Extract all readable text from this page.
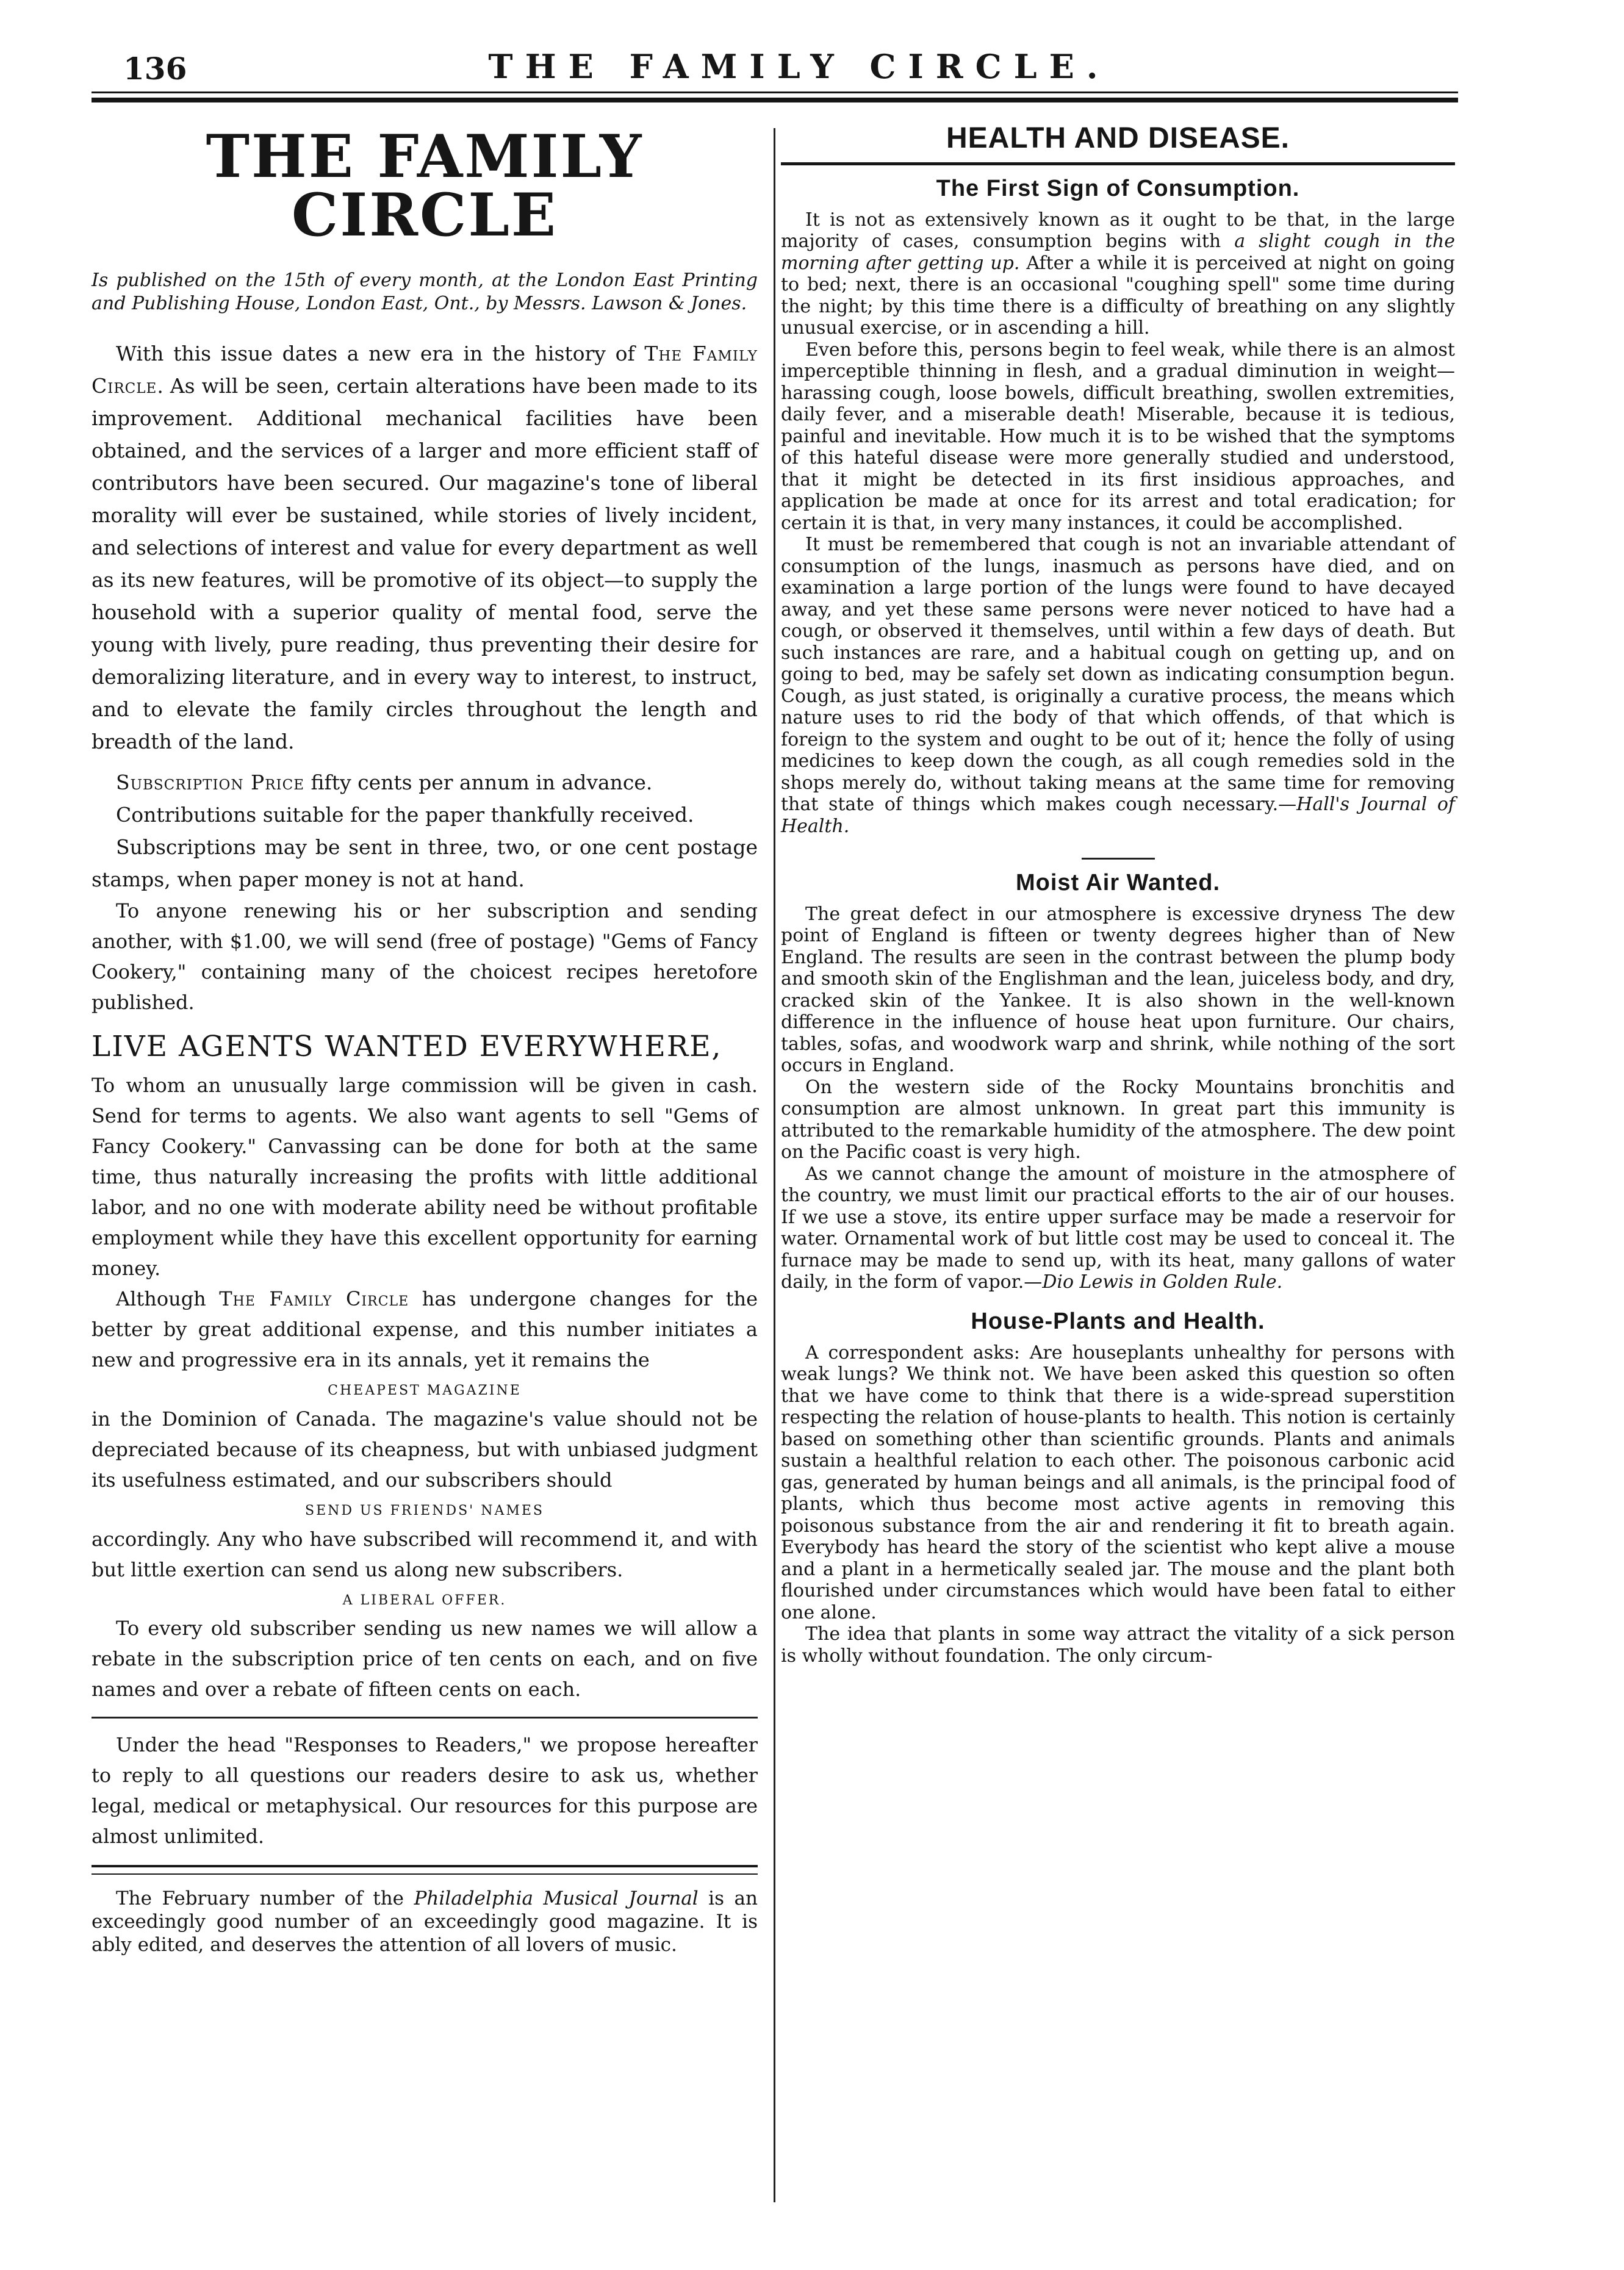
136	THE FAMILY CIRCLE.
THE FAMILY CIRCLE

Is published on the 15th of every month, at the London East Printing and Publishing House, London East, Ont., by Messrs. Lawson & Jones.

With this issue dates a new era in the history of The Family Circle. As will be seen, certain alterations have been made to its improvement. Additional mechanical facilities have been obtained, and the services of a larger and more efficient staff of contributors have been secured. Our magazine's tone of liberal morality will ever be sustained, while stories of lively incident, and selections of interest and value for every department as well as its new features, will be promotive of its object—to supply the household with a superior quality of mental food, serve the young with lively, pure reading, thus preventing their desire for demoralizing literature, and in every way to interest, to instruct, and to elevate the family circles throughout the length and breadth of the land.

Subscription Price fifty cents per annum in advance.

Contributions suitable for the paper thankfully received.

Subscriptions may be sent in three, two, or one cent postage stamps, when paper money is not at hand.

To anyone renewing his or her subscription and sending another, with $1.00, we will send (free of postage) "Gems of Fancy Cookery," containing many of the choicest recipes heretofore published.

LIVE AGENTS WANTED EVERYWHERE,

To whom an unusually large commission will be given in cash. Send for terms to agents. We also want agents to sell "Gems of Fancy Cookery." Canvassing can be done for both at the same time, thus naturally increasing the profits with little additional labor, and no one with moderate ability need be without profitable employment while they have this excellent opportunity for earning money.

Although The Family Circle has undergone changes for the better by great additional expense, and this number initiates a new and progressive era in its annals, yet it remains the

CHEAPEST MAGAZINE

in the Dominion of Canada. The magazine's value should not be depreciated because of its cheapness, but with unbiased judgment its usefulness estimated, and our subscribers should

SEND US FRIENDS' NAMES

accordingly. Any who have subscribed will recommend it, and with but little exertion can send us along new subscribers.

A LIBERAL OFFER.

To every old subscriber sending us new names we will allow a rebate in the subscription price of ten cents on each, and on five names and over a rebate of fifteen cents on each.

Under the head "Responses to Readers," we propose hereafter to reply to all questions our readers desire to ask us, whether legal, medical or metaphysical. Our resources for this purpose are almost unlimited.

The February number of the Philadelphia Musical Journal is an exceedingly good number of an exceedingly good magazine. It is ably edited, and deserves the attention of all lovers of music.

HEALTH AND DISEASE.
The First Sign of Consumption.

It is not as extensively known as it ought to be that, in the large majority of cases, consumption begins with a slight cough in the morning after getting up. After a while it is perceived at night on going to bed; next, there is an occasional "coughing spell" some time during the night; by this time there is a difficulty of breathing on any slightly unusual exercise, or in ascending a hill.

Even before this, persons begin to feel weak, while there is an almost imperceptible thinning in flesh, and a gradual diminution in weight—harassing cough, loose bowels, difficult breathing, swollen extremities, daily fever, and a miserable death! Miserable, because it is tedious, painful and inevitable. How much it is to be wished that the symptoms of this hateful disease were more generally studied and understood, that it might be detected in its first insidious approaches, and application be made at once for its arrest and total eradication; for certain it is that, in very many instances, it could be accomplished.

It must be remembered that cough is not an invariable attendant of consumption of the lungs, inasmuch as persons have died, and on examination a large portion of the lungs were found to have decayed away, and yet these same persons were never noticed to have had a cough, or observed it themselves, until within a few days of death. But such instances are rare, and a habitual cough on getting up, and on going to bed, may be safely set down as indicating consumption begun. Cough, as just stated, is originally a curative process, the means which nature uses to rid the body of that which offends, of that which is foreign to the system and ought to be out of it; hence the folly of using medicines to keep down the cough, as all cough remedies sold in the shops merely do, without taking means at the same time for removing that state of things which makes cough necessary.—Hall's Journal of Health.

Moist Air Wanted.

The great defect in our atmosphere is excessive dryness The dew point of England is fifteen or twenty degrees higher than of New England. The results are seen in the contrast between the plump body and smooth skin of the Englishman and the lean, juiceless body, and dry, cracked skin of the Yankee. It is also shown in the well-known difference in the influence of house heat upon furniture. Our chairs, tables, sofas, and woodwork warp and shrink, while nothing of the sort occurs in England.

On the western side of the Rocky Mountains bronchitis and consumption are almost unknown. In great part this immunity is attributed to the remarkable humidity of the atmosphere. The dew point on the Pacific coast is very high.

As we cannot change the amount of moisture in the atmosphere of the country, we must limit our practical efforts to the air of our houses. If we use a stove, its entire upper surface may be made a reservoir for water. Ornamental work of but little cost may be used to conceal it. The furnace may be made to send up, with its heat, many gallons of water daily, in the form of vapor.—Dio Lewis in Golden Rule.

House-Plants and Health.

A correspondent asks: Are houseplants unhealthy for persons with weak lungs? We think not. We have been asked this question so often that we have come to think that there is a wide-spread superstition respecting the relation of house-plants to health. This notion is certainly based on something other than scientific grounds. Plants and animals sustain a healthful relation to each other. The poisonous carbonic acid gas, generated by human beings and all animals, is the principal food of plants, which thus become most active agents in removing this poisonous substance from the air and rendering it fit to breath again. Everybody has heard the story of the scientist who kept alive a mouse and a plant in a hermetically sealed jar. The mouse and the plant both flourished under circumstances which would have been fatal to either one alone.

The idea that plants in some way attract the vitality of a sick person is wholly without foundation. The only circum-
